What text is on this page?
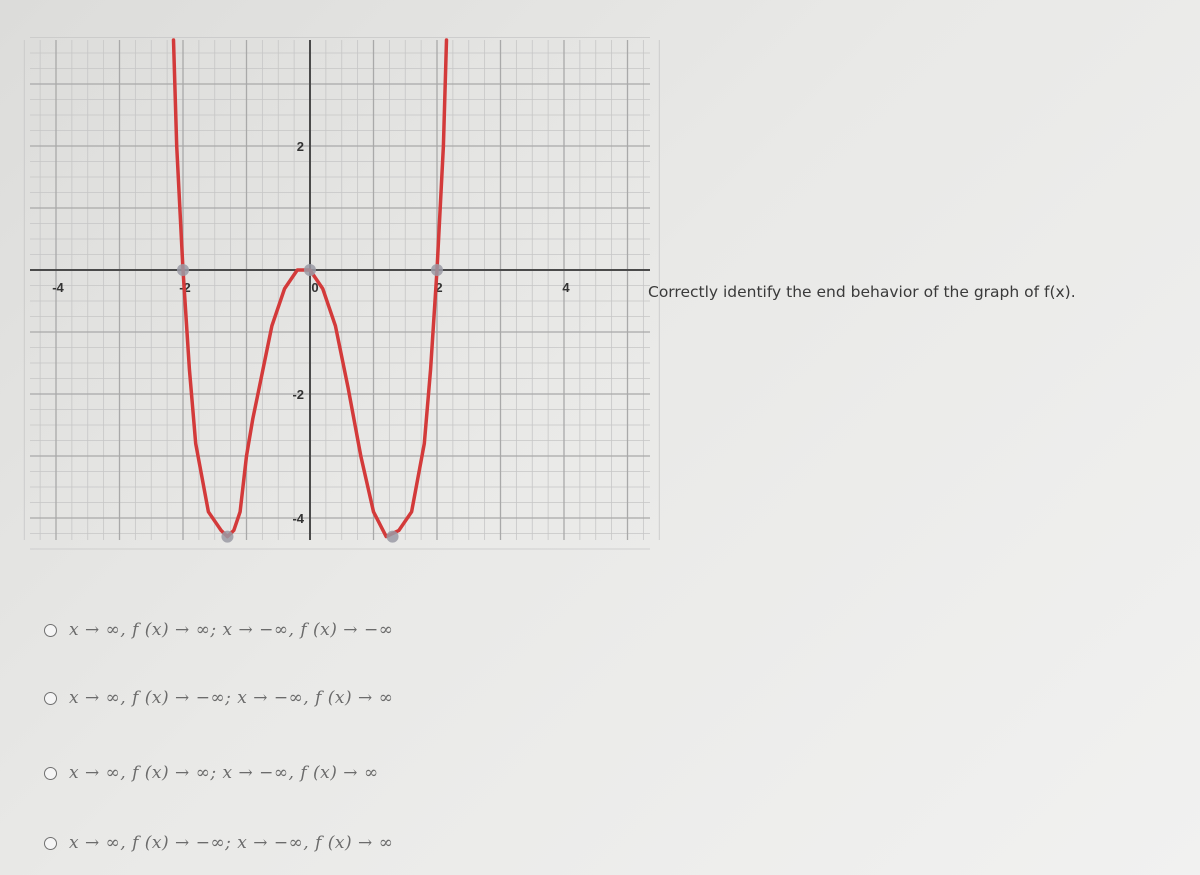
-4	-2	0	2	4
2
-2
-4
Correctly identify the end behavior of the graph of f(x).
x → ∞, f (x) → ∞; x → −∞, f (x) → −∞
x → ∞, f (x) → −∞; x → −∞, f (x) → ∞
x → ∞, f (x) → ∞; x → −∞, f (x) → ∞
x → ∞, f (x) → −∞; x → −∞, f (x) → ∞
